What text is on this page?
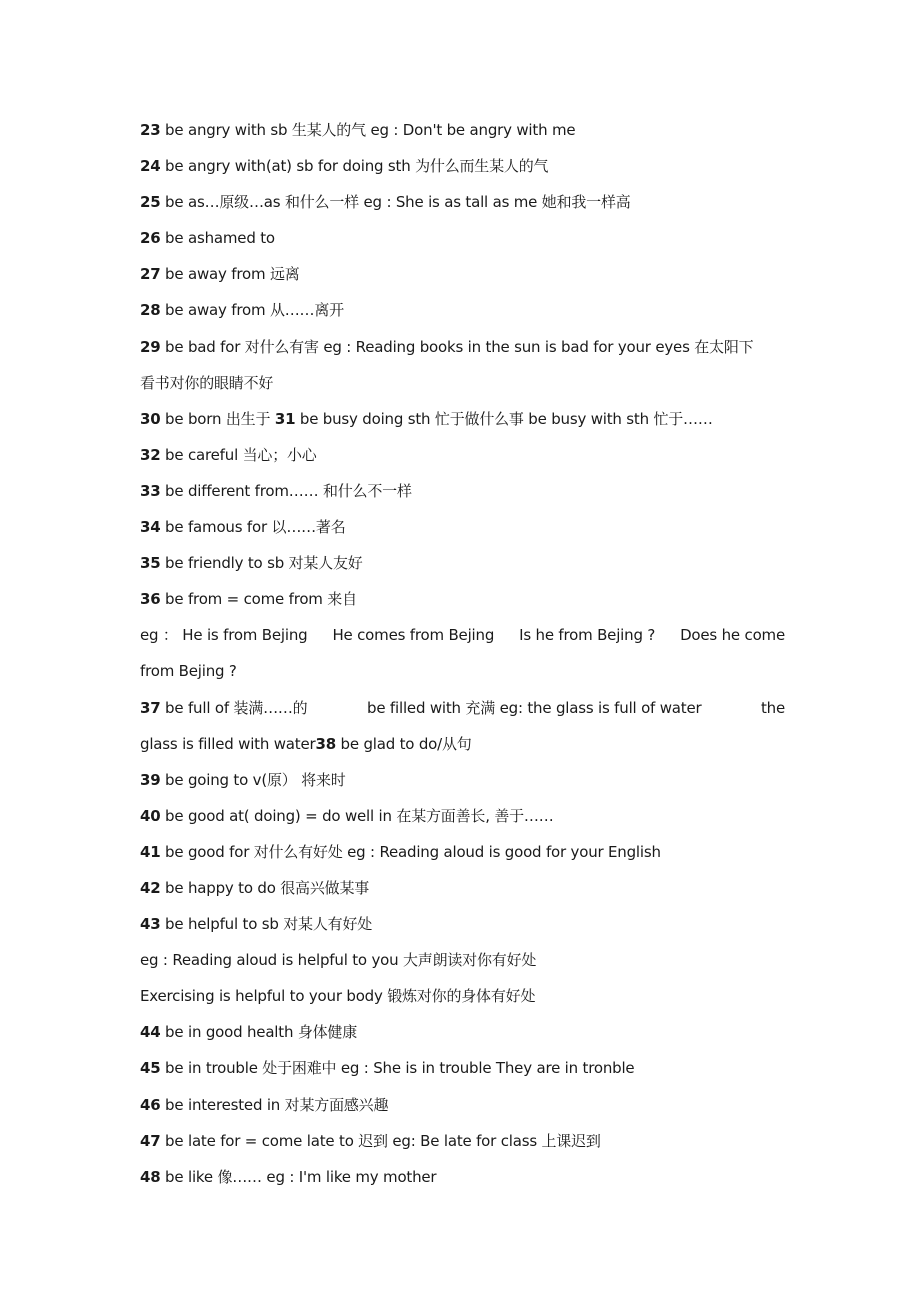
23 be angry with sb 生某人的气 eg : Don't be angry with me
24 be angry with(at) sb for doing sth 为什么而生某人的气
25 be as…原级…as 和什么一样 eg : She is as tall as me 她和我一样高
26 be ashamed to
27 be away from 远离
28 be away from 从……离开
29 be bad for 对什么有害 eg : Reading books in the sun is bad for your eyes 在太阳下
看书对你的眼睛不好
30 be born 出生于 31 be busy doing sth 忙于做什么事 be busy with sth 忙于……
32 be careful 当心；小心
33 be different from…… 和什么不一样
34 be famous for 以……著名
35 be friendly to sb 对某人友好
36 be from = come from 来自
eg ： He is from Bejing He comes from Bejing Is he from Bejing ? Does he come
from Bejing ?
37 be full of 装满……的	be filled with 充满 eg: the glass is full of water	the
glass is filled with water38 be glad to do/从句
39 be going to v(原） 将来时
40 be good at( doing) = do well in 在某方面善长, 善于……
41 be good for 对什么有好处 eg : Reading aloud is good for your English
42 be happy to do 很高兴做某事
43 be helpful to sb 对某人有好处
eg : Reading aloud is helpful to you 大声朗读对你有好处
Exercising is helpful to your body 锻炼对你的身体有好处
44 be in good health 身体健康
45 be in trouble 处于困难中 eg : She is in trouble They are in tronble
46 be interested in 对某方面感兴趣
47 be late for = come late to 迟到 eg: Be late for class 上课迟到
48 be like 像…… eg : I'm like my mother
